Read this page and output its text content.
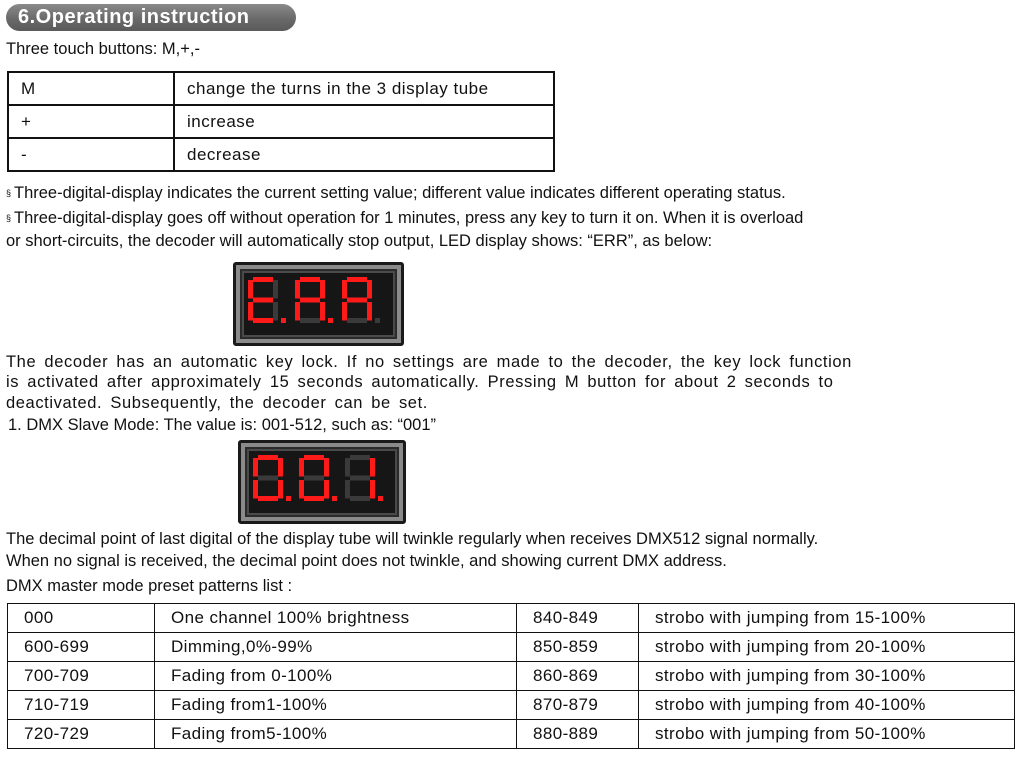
6.Operating instruction
Three touch buttons: M,+,-
M	change the turns in the 3 display tube
+	increase
-	decrease
§ Three-digital-display indicates the current setting value; different value indicates different operating status.
§ Three-digital-display goes off without operation for 1 minutes, press any key to turn it on. When it is overload
or short-circuits, the decoder will automatically stop output, LED display shows: “ERR”, as below:
The decoder has an automatic key lock. If no settings are made to the decoder, the key lock function
is activated after approximately 15 seconds automatically. Pressing M button for about 2 seconds to
deactivated. Subsequently, the decoder can be set.
1. DMX Slave Mode: The value is: 001-512, such as: “001”
The decimal point of last digital of the display tube will twinkle regularly when receives DMX512 signal normally.
When no signal is received, the decimal point does not twinkle, and showing current DMX address.
DMX master mode preset patterns list :
000	One channel 100% brightness	840-849	strobo with jumping from 15-100%
600-699	Dimming,0%-99%	850-859	strobo with jumping from 20-100%
700-709	Fading from 0-100%	860-869	strobo with jumping from 30-100%
710-719	Fading from1-100%	870-879	strobo with jumping from 40-100%
720-729	Fading from5-100%	880-889	strobo with jumping from 50-100%
